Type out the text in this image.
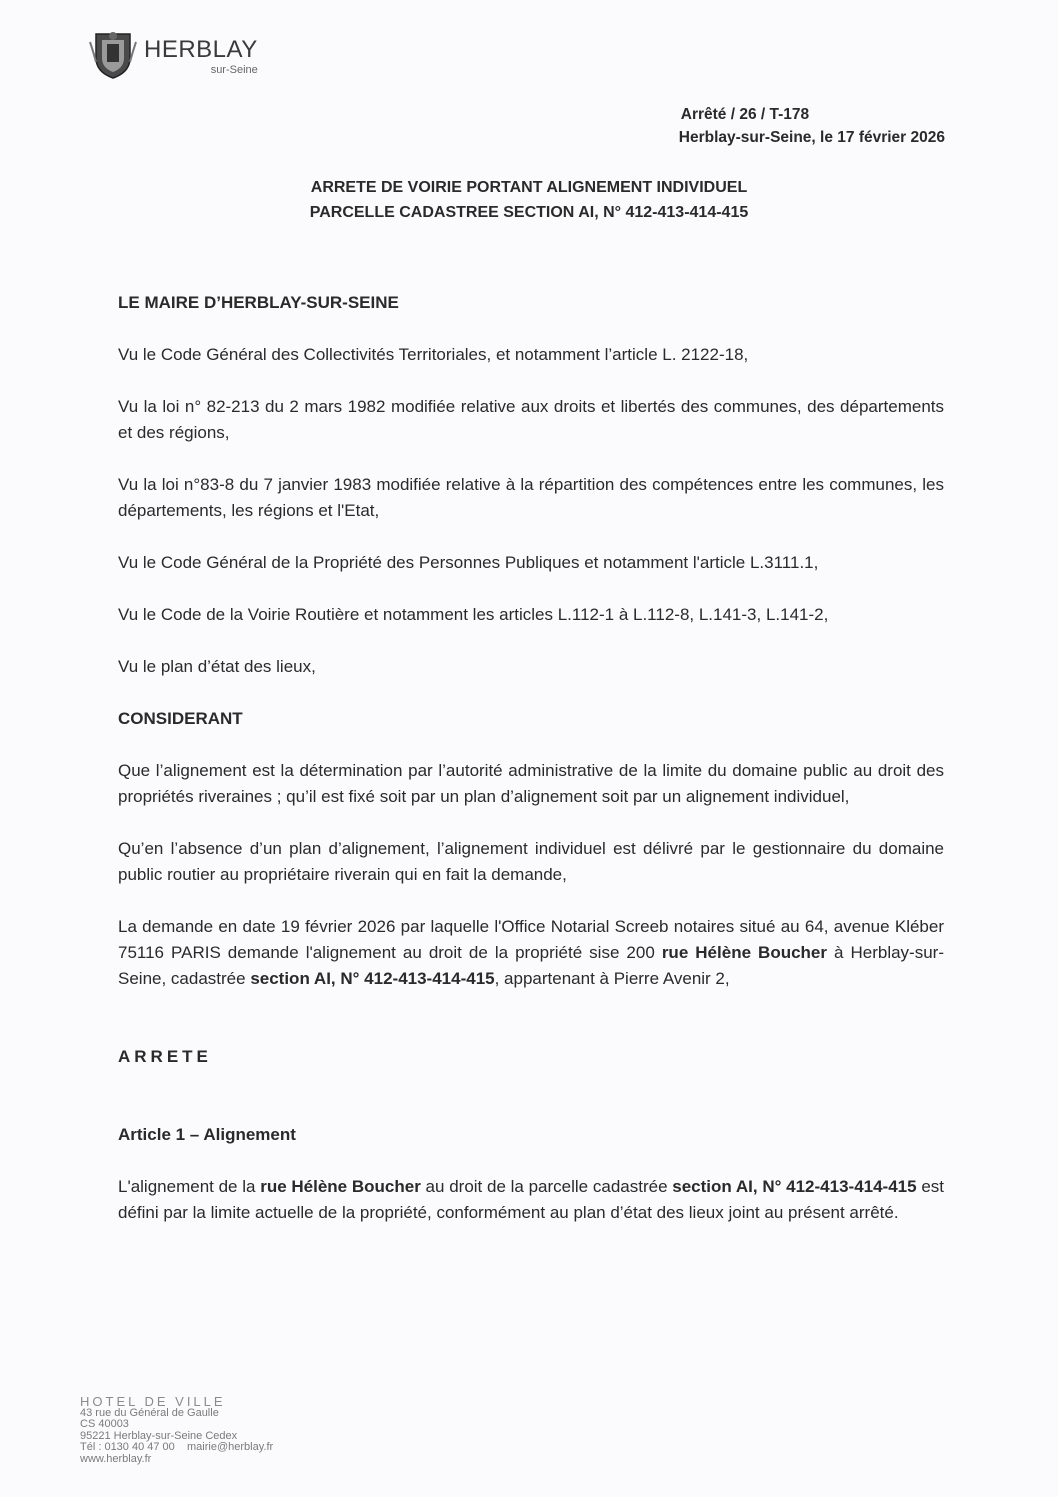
HERBLAY
sur-Seine
Arrêté / 26 / T-178
Herblay-sur-Seine, le 17 février 2026
ARRETE DE VOIRIE PORTANT ALIGNEMENT INDIVIDUEL
PARCELLE CADASTREE SECTION AI, N° 412-413-414-415

LE MAIRE D’HERBLAY-SUR-SEINE

Vu le Code Général des Collectivités Territoriales, et notamment l’article L. 2122-18,

Vu la loi n° 82-213 du 2 mars 1982 modifiée relative aux droits et libertés des communes, des départements et des régions,

Vu la loi n°83-8 du 7 janvier 1983 modifiée relative à la répartition des compétences entre les communes, les départements, les régions et l'Etat,

Vu le Code Général de la Propriété des Personnes Publiques et notamment l'article L.3111.1,

Vu le Code de la Voirie Routière et notamment les articles L.112-1 à L.112-8, L.141-3, L.141-2,

Vu le plan d’état des lieux,

CONSIDERANT

Que l’alignement est la détermination par l’autorité administrative de la limite du domaine public au droit des propriétés riveraines ; qu’il est fixé soit par un plan d’alignement soit par un alignement individuel,

Qu’en l’absence d’un plan d’alignement, l’alignement individuel est délivré par le gestionnaire du domaine public routier au propriétaire riverain qui en fait la demande,

La demande en date 19 février 2026 par laquelle l'Office Notarial Screeb notaires situé au 64, avenue Kléber 75116 PARIS demande l'alignement au droit de la propriété sise 200 rue Hélène Boucher à Herblay-sur-Seine, cadastrée section AI, N° 412-413-414-415, appartenant à Pierre Avenir 2,

ARRETE

Article 1 – Alignement

L'alignement de la rue Hélène Boucher au droit de la parcelle cadastrée section AI, N° 412-413-414-415 est défini par la limite actuelle de la propriété, conformément au plan d’état des lieux joint au présent arrêté.

HOTEL DE VILLE
43 rue du Général de Gaulle
CS 40003
95221 Herblay-sur-Seine Cedex
Tél : 0130 40 47 00    mairie@herblay.fr
www.herblay.fr
